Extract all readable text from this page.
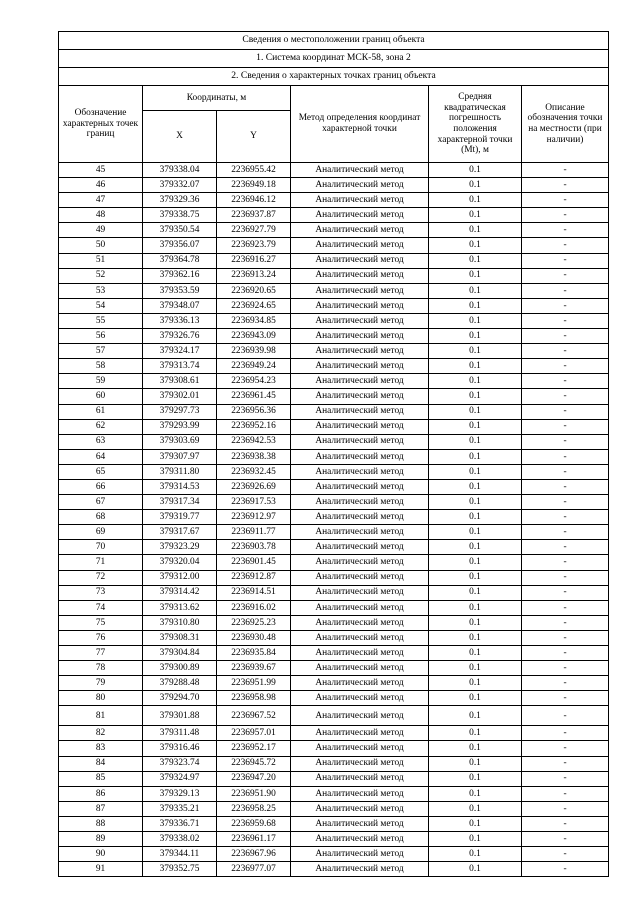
Сведения о местоположении границ объекта					
1. Система координат МСК-58, зона 2					
2. Сведения о характерных точках границ объекта					
Обозначение характерных точек границ	Координаты, м		Метод определения координат характерной точки	Средняя квадратическая погрешность положения характерной точки (Mt), м	Описание обозначения точки на местности (при наличии)
	X	Y			
45	379338.04	2236955.42	Аналитический метод	0.1	-
46	379332.07	2236949.18	Аналитический метод	0.1	-
47	379329.36	2236946.12	Аналитический метод	0.1	-
48	379338.75	2236937.87	Аналитический метод	0.1	-
49	379350.54	2236927.79	Аналитический метод	0.1	-
50	379356.07	2236923.79	Аналитический метод	0.1	-
51	379364.78	2236916.27	Аналитический метод	0.1	-
52	379362.16	2236913.24	Аналитический метод	0.1	-
53	379353.59	2236920.65	Аналитический метод	0.1	-
54	379348.07	2236924.65	Аналитический метод	0.1	-
55	379336.13	2236934.85	Аналитический метод	0.1	-
56	379326.76	2236943.09	Аналитический метод	0.1	-
57	379324.17	2236939.98	Аналитический метод	0.1	-
58	379313.74	2236949.24	Аналитический метод	0.1	-
59	379308.61	2236954.23	Аналитический метод	0.1	-
60	379302.01	2236961.45	Аналитический метод	0.1	-
61	379297.73	2236956.36	Аналитический метод	0.1	-
62	379293.99	2236952.16	Аналитический метод	0.1	-
63	379303.69	2236942.53	Аналитический метод	0.1	-
64	379307.97	2236938.38	Аналитический метод	0.1	-
65	379311.80	2236932.45	Аналитический метод	0.1	-
66	379314.53	2236926.69	Аналитический метод	0.1	-
67	379317.34	2236917.53	Аналитический метод	0.1	-
68	379319.77	2236912.97	Аналитический метод	0.1	-
69	379317.67	2236911.77	Аналитический метод	0.1	-
70	379323.29	2236903.78	Аналитический метод	0.1	-
71	379320.04	2236901.45	Аналитический метод	0.1	-
72	379312.00	2236912.87	Аналитический метод	0.1	-
73	379314.42	2236914.51	Аналитический метод	0.1	-
74	379313.62	2236916.02	Аналитический метод	0.1	-
75	379310.80	2236925.23	Аналитический метод	0.1	-
76	379308.31	2236930.48	Аналитический метод	0.1	-
77	379304.84	2236935.84	Аналитический метод	0.1	-
78	379300.89	2236939.67	Аналитический метод	0.1	-
79	379288.48	2236951.99	Аналитический метод	0.1	-
80	379294.70	2236958.98	Аналитический метод	0.1	-
81	379301.88	2236967.52	Аналитический метод	0.1	-
82	379311.48	2236957.01	Аналитический метод	0.1	-
83	379316.46	2236952.17	Аналитический метод	0.1	-
84	379323.74	2236945.72	Аналитический метод	0.1	-
85	379324.97	2236947.20	Аналитический метод	0.1	-
86	379329.13	2236951.90	Аналитический метод	0.1	-
87	379335.21	2236958.25	Аналитический метод	0.1	-
88	379336.71	2236959.68	Аналитический метод	0.1	-
89	379338.02	2236961.17	Аналитический метод	0.1	-
90	379344.11	2236967.96	Аналитический метод	0.1	-
91	379352.75	2236977.07	Аналитический метод	0.1	-
